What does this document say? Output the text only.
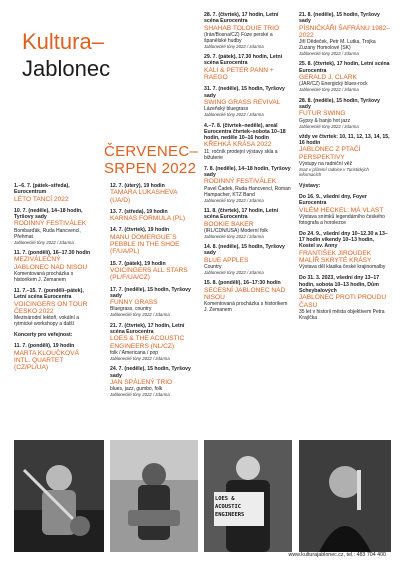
Kultura–
Jablonec
ČERVENEC–
SRPEN 2022
1.–6. 7. (pátek–středa), Eurocentrum
LÉTO TANCÍ 2022
10. 7. (neděle), 14–18 hodin, Tyršovy sady
RODINNÝ FESTIVÁLEK
Bombarďák, Ruda Hancvencl, Přehmat
Jablonecké tóny 2022 / zdarma
11. 7. (pondělí), 16–17.30 hodin
MEZIVÁLEČNÝ JABLONEC NAD NISOU
Komentovaná procházka s historikem J. Zemanem
11. 7.–15. 7. (pondělí–pátek), Letní scéna Eurocentra
VOICINGERS ON TOUR ČESKO 2022
Mezinárodní lektoři, vokální a rytmické workshopy a další
Koncerty pro veřejnost:
11. 7. (pondělí), 19 hodin
MARTA KLOUČKOVÁ INTL. QUARTET (CZ/PL/UA)
12. 7. (úterý), 19 hodin
TAMARA LUKASHEVA (UA/D)
13. 7. (středa), 19 hodin
KARNAS FORMULA (PL)
14. 7. (čtvrtek), 19 hodin
MANU DOMERGUE´S PEBBLE IN THE SHOE (F/UA/PL)
15. 7. (pátek), 19 hodin
VOICINGERS ALL STARS (PL/F/UA/CZ)
17. 7. (neděle), 15 hodin, Tyršovy sady
FUNNY GRASS
Bluegrass, country
Jablonecké tóny 2022 / zdarma
21. 7. (čtvrtek), 17 hodin, Letní scéna Eurocentra
LOES & THE ACOUSTIC ENGINEERS (NL/CZ)
folk / Americana / pop
Jablonecké tóny 2022 / zdarma
24. 7. (neděle), 15 hodin, Tyršovy sady
JAN SPÁLENÝ TRIO
blues, jazz, gumbo, folk
Jablonecké tóny 2022 / zdarma
28. 7. (čtvrtek), 17 hodin, Letní scéna Eurocentra
SHAHAB TOLOUIE TRIO
(Irán/Bosna/CZ) Fúze perské a španělské hudby
Jablonecké tóny 2022 / zdarma
29. 7. (pátek), 17.30 hodin, Letní scéna Eurocentra
KALI & PETER PANN + RAEGO
31. 7. (neděle), 15 hodin, Tyršovy sady
SWING GRASS REVIVAL
Lázeňský bluegrass
Jablonecké tóny 2022 / zdarma
4.–7. 8. (čtvrtek–neděle), areál Eurocentra čtvrtek–sobota 10–18 hodin, neděle 10–16 hodin
KŘEHKÁ KRÁSA 2022
11. ročník prodejní výstavy skla a bižuterie
7. 8. (neděle), 14–18 hodin, Tyršovy sady
RODINNÝ FESTIVÁLEK
Pavel Čadek, Ruda Hancvencl, Roman Hampacher, KTZ Band
Jablonecké tóny 2022 / zdarma
11. 8. (čtvrtek), 17 hodin, Letní scéna Eurocentra
BOOKIE BAKER
(IRL/CDN/USA) Moderní folk
Jablonecké tóny 2022 / zdarma
14. 8. (neděle), 15 hodin, Tyršovy sady
BLUE APPLES
Country
Jablonecké tóny 2022 / zdarma
15. 8. (pondělí), 16–17:30 hodin
SECESNÍ JABLONEC NAD NISOU
Komentovaná procházka s historikem J. Zemanem
21. 8. (neděle), 15 hodin, Tyršovy sady
PÍSNIČKÁŘI ŠAFRÁNU 1982–2022
Jiří Dědeček, Petr M. Lutka, Trojka Zuzany Homolové (SK)
Jablonecké tóny 2022 / zdarma
25. 8. (čtvrtek), 17 hodin, Letní scéna Eurocentra
GERALD J. CLARK
(JAR/CZ) Energický blues-rock
Jablonecké tóny 2022 / zdarma
28. 8. (neděle), 15 hodin, Tyršovy sady
FUTUR SWING
Gypsy & banjo hot jazz
Jablonecké tóny 2022 / zdarma
vždy ve čtvrtek: 10, 11, 12, 13, 14, 15, 16 hodin
JABLONEC Z PTAČÍ PERSPEKTIVY
Výstupy na radniční věž
Sraz v přízemí radnice v Turistických informacích
Výstavy:
Do 16. 9., všední dny, Foyer Eurocentra
VILÉM HECKEL: MÁ VLAST
Výstava snímků legendárního českého fotografa a horolezce
Do 24. 9., všední dny 10–12.30 a 13–17 hodin víkendy 10–13 hodin, Kostel sv. Anny
FRANTIŠEK JIROUDEK MALÍŘ SKRYTÉ KRÁSY
Výstava děl klasika české krajinomalby
Do 31. 3. 2023, všední dny 13–17 hodin, sobota 10–13 hodin, Dům Scheybalových
JABLONEC PROTI PROUDU ČASU
35 let v historii města objektivem Petra Krajíčka
LOES & ACOUSTIC ENGINEERS
www.kulturajablonec.cz, tel.: 483 704 400
